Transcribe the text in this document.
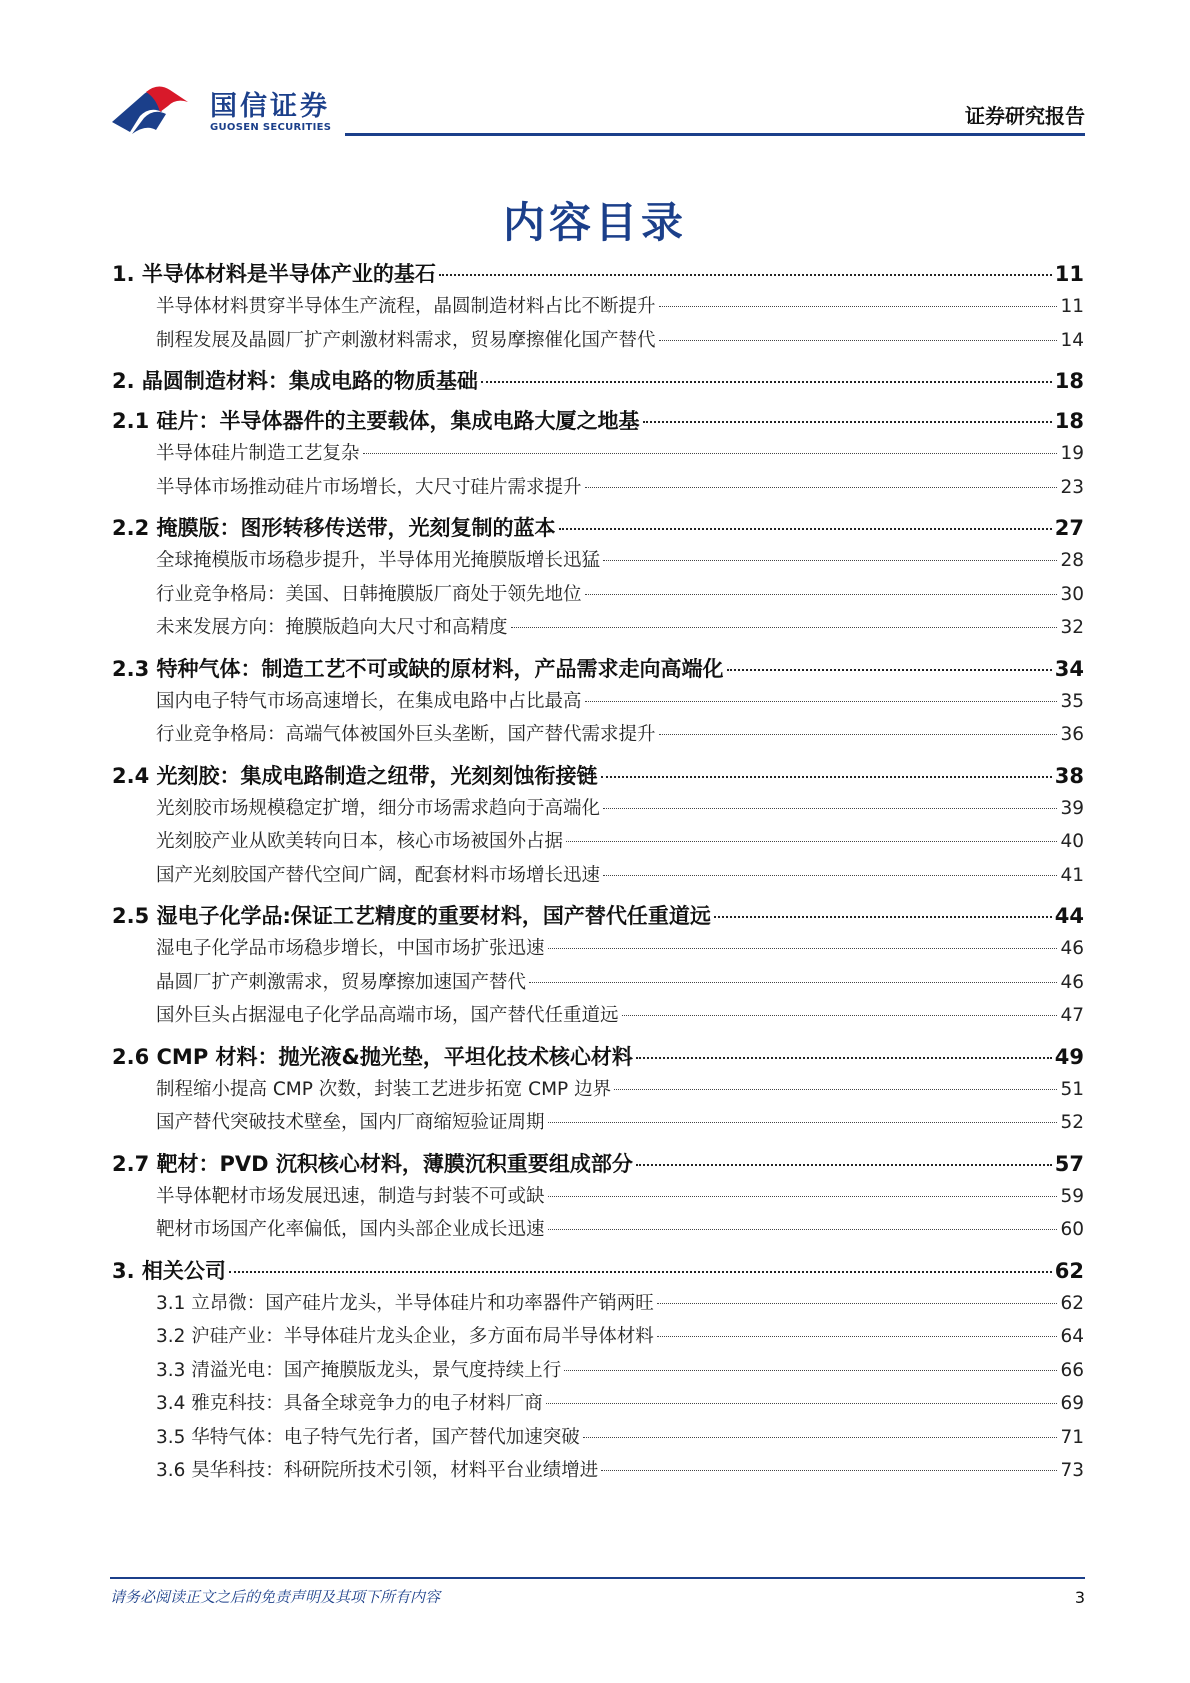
国信证券
GUOSEN SECURITIES	证券研究报告
内容目录
1. 半导体材料是半导体产业的基石	11
半导体材料贯穿半导体生产流程，晶圆制造材料占比不断提升	11
制程发展及晶圆厂扩产刺激材料需求，贸易摩擦催化国产替代	14
2. 晶圆制造材料：集成电路的物质基础	18
2.1 硅片：半导体器件的主要载体，集成电路大厦之地基	18
半导体硅片制造工艺复杂	19
半导体市场推动硅片市场增长，大尺寸硅片需求提升	23
2.2 掩膜版：图形转移传送带，光刻复制的蓝本	27
全球掩模版市场稳步提升，半导体用光掩膜版增长迅猛	28
行业竞争格局：美国、日韩掩膜版厂商处于领先地位	30
未来发展方向：掩膜版趋向大尺寸和高精度	32
2.3 特种气体：制造工艺不可或缺的原材料，产品需求走向高端化	34
国内电子特气市场高速增长，在集成电路中占比最高	35
行业竞争格局：高端气体被国外巨头垄断，国产替代需求提升	36
2.4 光刻胶：集成电路制造之纽带，光刻刻蚀衔接链	38
光刻胶市场规模稳定扩增，细分市场需求趋向于高端化	39
光刻胶产业从欧美转向日本，核心市场被国外占据	40
国产光刻胶国产替代空间广阔，配套材料市场增长迅速	41
2.5 湿电子化学品:保证工艺精度的重要材料，国产替代任重道远	44
湿电子化学品市场稳步增长，中国市场扩张迅速	46
晶圆厂扩产刺激需求，贸易摩擦加速国产替代	46
国外巨头占据湿电子化学品高端市场，国产替代任重道远	47
2.6 CMP 材料：抛光液&抛光垫，平坦化技术核心材料	49
制程缩小提高 CMP 次数，封装工艺进步拓宽 CMP 边界	51
国产替代突破技术壁垒，国内厂商缩短验证周期	52
2.7 靶材：PVD 沉积核心材料，薄膜沉积重要组成部分	57
半导体靶材市场发展迅速，制造与封装不可或缺	59
靶材市场国产化率偏低，国内头部企业成长迅速	60
3. 相关公司	62
3.1 立昂微：国产硅片龙头，半导体硅片和功率器件产销两旺	62
3.2 沪硅产业：半导体硅片龙头企业，多方面布局半导体材料	64
3.3 清溢光电：国产掩膜版龙头，景气度持续上行	66
3.4 雅克科技：具备全球竞争力的电子材料厂商	69
3.5 华特气体：电子特气先行者，国产替代加速突破	71
3.6 昊华科技：科研院所技术引领，材料平台业绩增进	73
请务必阅读正文之后的免责声明及其项下所有内容	3
